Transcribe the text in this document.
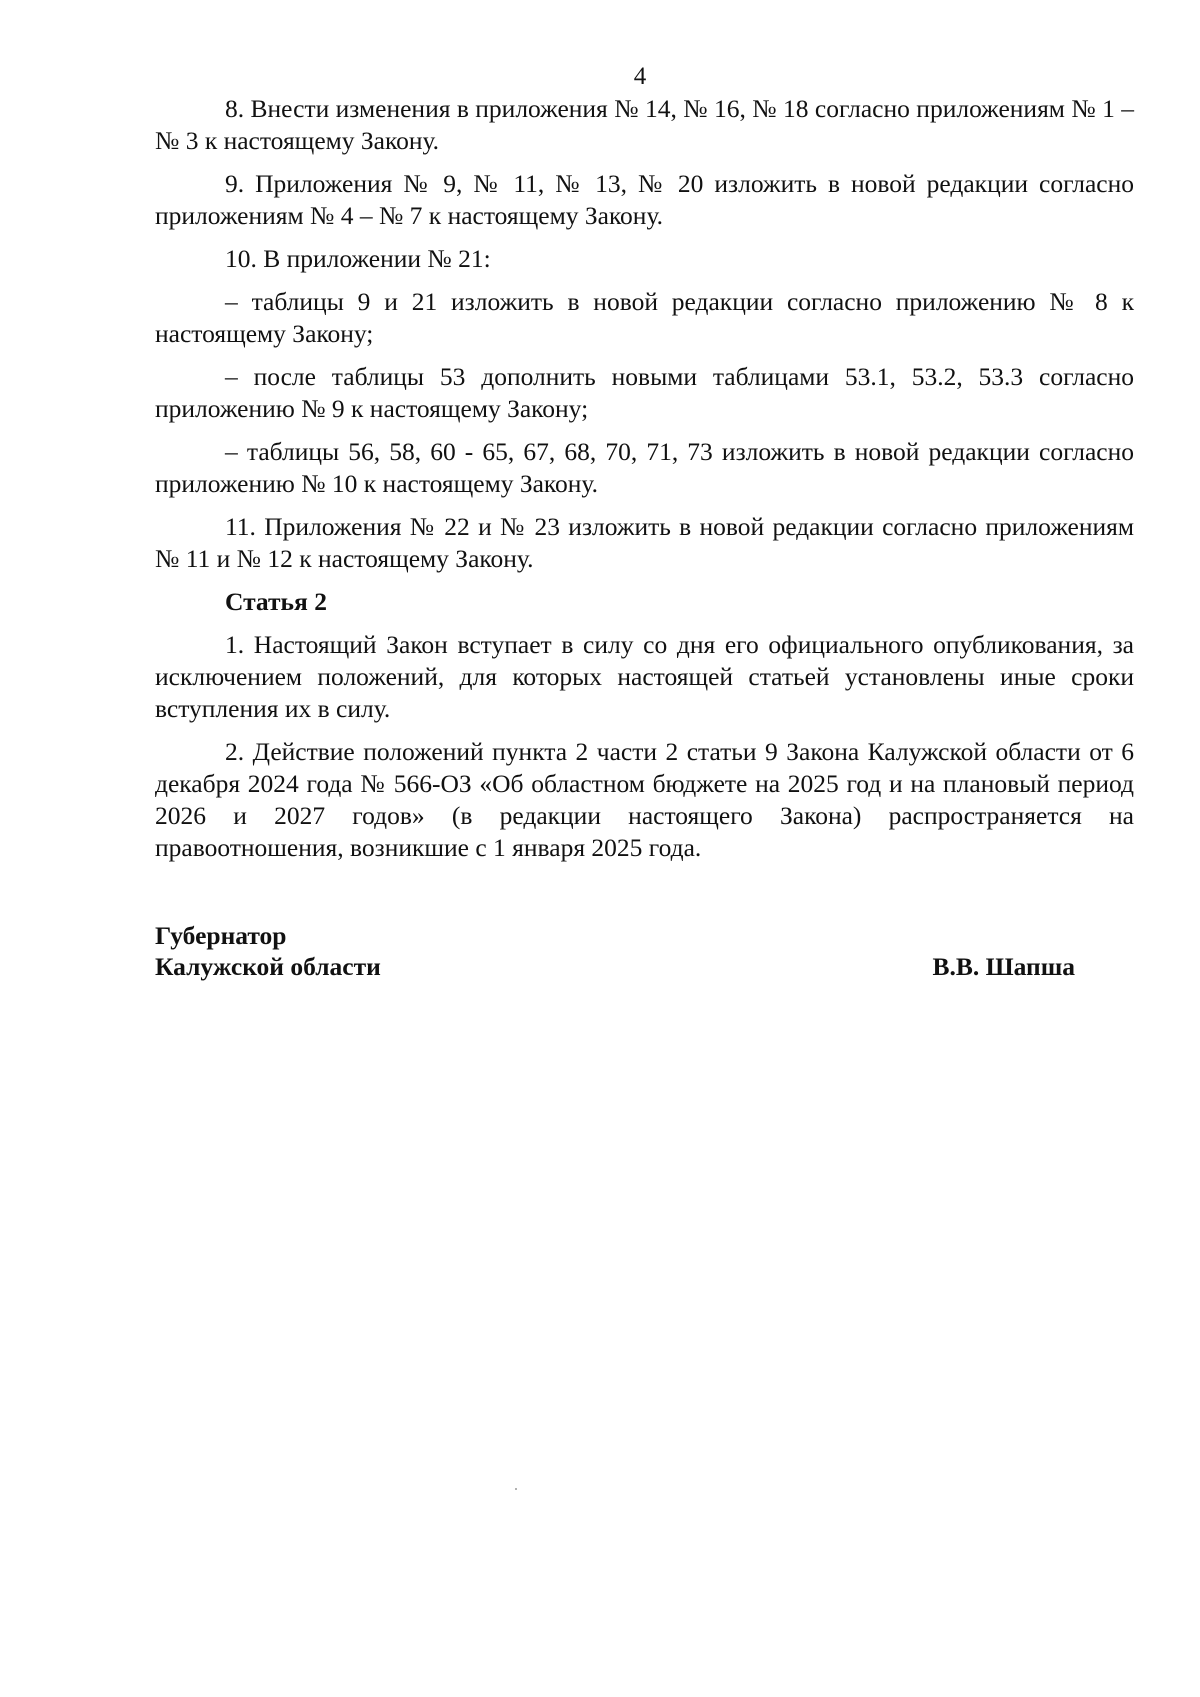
4

8. Внести изменения в приложения № 14, № 16, № 18 согласно приложениям № 1 – № 3 к настоящему Закону.

9. Приложения № 9, № 11, № 13, № 20 изложить в новой редакции согласно приложениям № 4 – № 7 к настоящему Закону.

10. В приложении № 21:

– таблицы 9 и 21 изложить в новой редакции согласно приложению № 8 к настоящему Закону;

– после таблицы 53 дополнить новыми таблицами 53.1, 53.2, 53.3 согласно приложению № 9 к настоящему Закону;

– таблицы 56, 58, 60 - 65, 67, 68, 70, 71, 73 изложить в новой редакции согласно приложению № 10 к настоящему Закону.

11. Приложения № 22 и № 23 изложить в новой редакции согласно приложениям № 11 и № 12 к настоящему Закону.

Статья 2

1. Настоящий Закон вступает в силу со дня его официального опубликования, за исключением положений, для которых настоящей статьей установлены иные сроки вступления их в силу.

2. Действие положений пункта 2 части 2 статьи 9 Закона Калужской области от 6 декабря 2024 года № 566-ОЗ «Об областном бюджете на 2025 год и на плановый период 2026 и 2027 годов» (в редакции настоящего Закона) распространяется на правоотношения, возникшие с 1 января 2025 года.

Губернатор
Калужской области	В.В. Шапша
